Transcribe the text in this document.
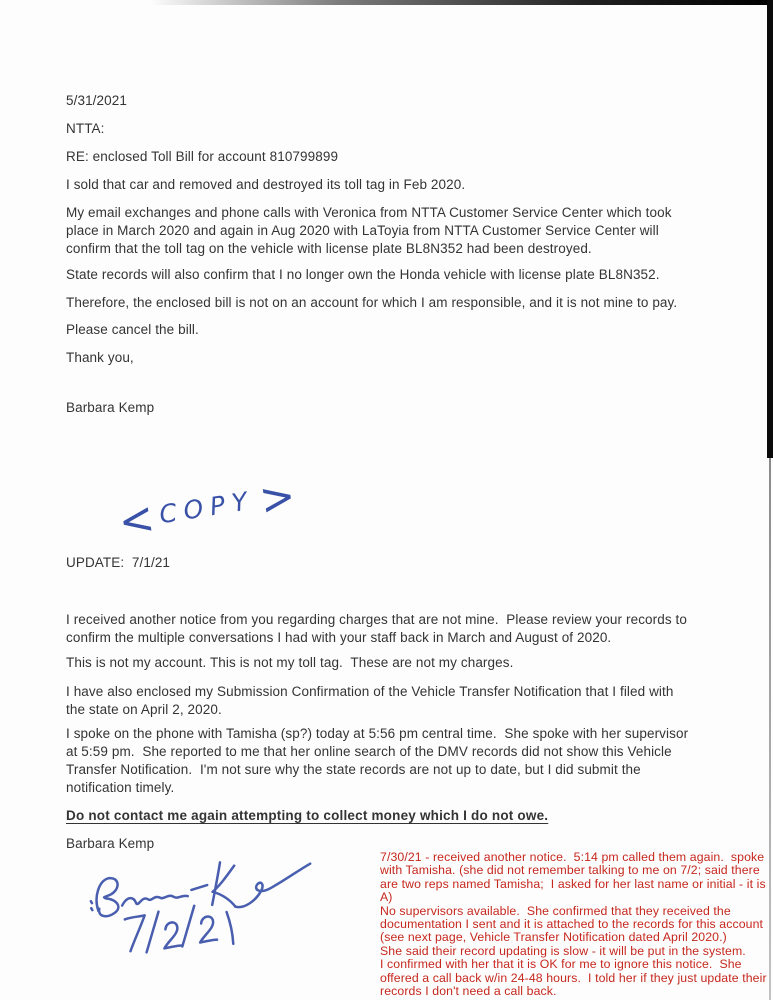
5/31/2021
NTTA:
RE: enclosed Toll Bill for account 810799899
I sold that car and removed and destroyed its toll tag in Feb 2020.
My email exchanges and phone calls with Veronica from NTTA Customer Service Center which took
place in March 2020 and again in Aug 2020 with LaToyia from NTTA Customer Service Center will
confirm that the toll tag on the vehicle with license plate BL8N352 had been destroyed.
State records will also confirm that I no longer own the Honda vehicle with license plate BL8N352.
Therefore, the enclosed bill is not on an account for which I am responsible, and it is not mine to pay.
Please cancel the bill.
Thank you,
Barbara Kemp
< COPY >
UPDATE:  7/1/21
I received another notice from you regarding charges that are not mine.  Please review your records to
confirm the multiple conversations I had with your staff back in March and August of 2020.
This is not my account. This is not my toll tag.  These are not my charges.
I have also enclosed my Submission Confirmation of the Vehicle Transfer Notification that I filed with
the state on April 2, 2020.
I spoke on the phone with Tamisha (sp?) today at 5:56 pm central time.  She spoke with her supervisor
at 5:59 pm.  She reported to me that her online search of the DMV records did not show this Vehicle
Transfer Notification.  I'm not sure why the state records are not up to date, but I did submit the
notification timely.
Do not contact me again attempting to collect money which I do not owe.
Barbara Kemp
7/30/21 - received another notice.  5:14 pm called them again.  spoke
with Tamisha. (she did not remember talking to me on 7/2; said there
are two reps named Tamisha;  I asked for her last name or initial - it is
A)
No supervisors available.  She confirmed that they received the
documentation I sent and it is attached to the records for this account
(see next page, Vehicle Transfer Notification dated April 2020.)
She said their record updating is slow - it will be put in the system.
I confirmed with her that it is OK for me to ignore this notice.  She
offered a call back w/in 24-48 hours.  I told her if they just update their
records I don't need a call back.
